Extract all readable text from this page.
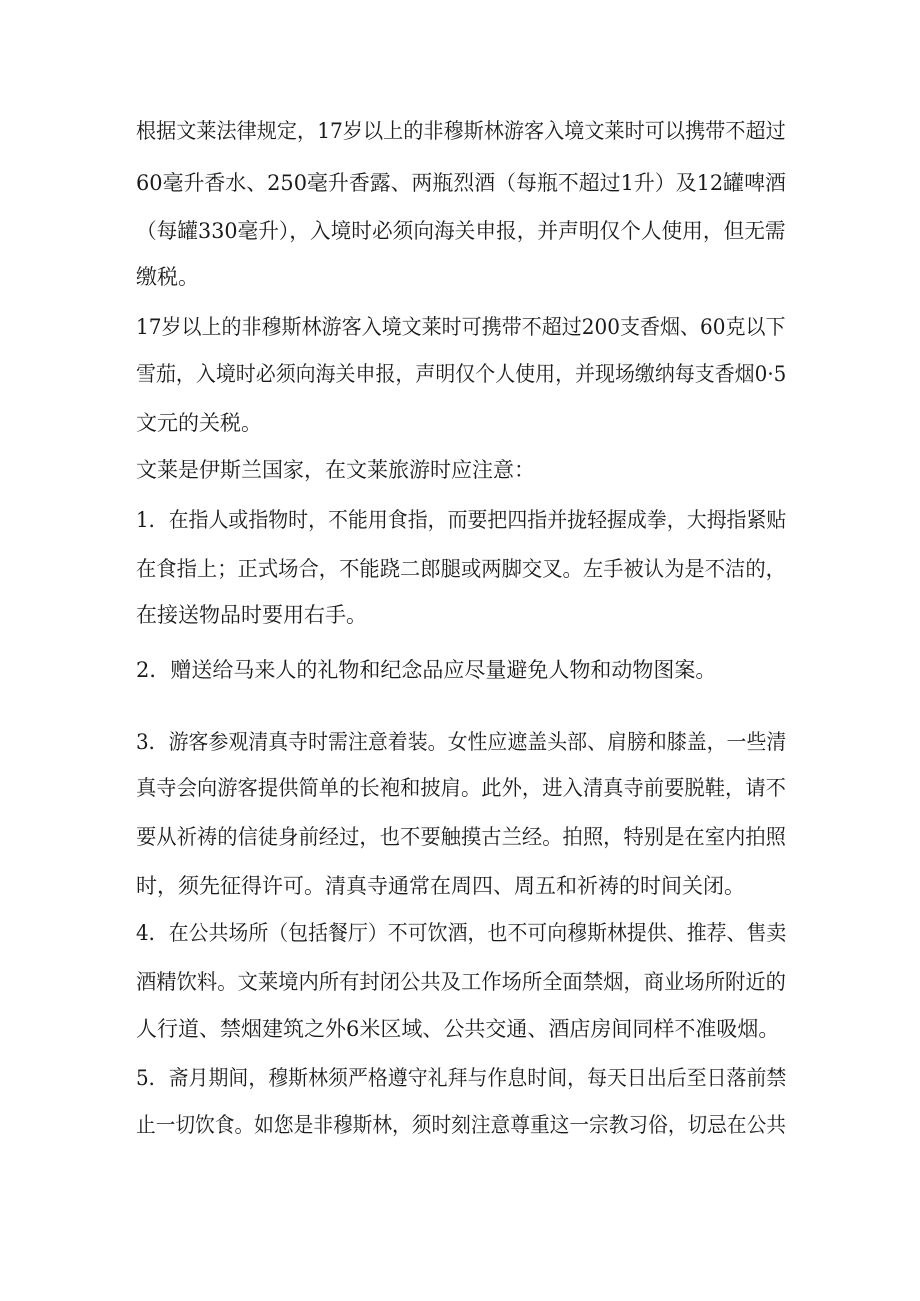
根据文莱法律规定，17岁以上的非穆斯林游客入境文莱时可以携带不超过
60毫升香水、250毫升香露、两瓶烈酒（每瓶不超过1升）及12罐啤酒
（每罐330毫升），入境时必须向海关申报，并声明仅个人使用，但无需
缴税。
17岁以上的非穆斯林游客入境文莱时可携带不超过200支香烟、60克以下
雪茄，入境时必须向海关申报，声明仅个人使用，并现场缴纳每支香烟0·5
文元的关税。
文莱是伊斯兰国家，在文莱旅游时应注意：
1．在指人或指物时，不能用食指，而要把四指并拢轻握成拳，大拇指紧贴
在食指上；正式场合，不能跷二郎腿或两脚交叉。左手被认为是不洁的，
在接送物品时要用右手。
2．赠送给马来人的礼物和纪念品应尽量避免人物和动物图案。
3．游客参观清真寺时需注意着装。女性应遮盖头部、肩膀和膝盖，一些清
真寺会向游客提供简单的长袍和披肩。此外，进入清真寺前要脱鞋，请不
要从祈祷的信徒身前经过，也不要触摸古兰经。拍照，特别是在室内拍照
时，须先征得许可。清真寺通常在周四、周五和祈祷的时间关闭。
4．在公共场所（包括餐厅）不可饮酒，也不可向穆斯林提供、推荐、售卖
酒精饮料。文莱境内所有封闭公共及工作场所全面禁烟，商业场所附近的
人行道、禁烟建筑之外6米区域、公共交通、酒店房间同样不准吸烟。
5．斋月期间，穆斯林须严格遵守礼拜与作息时间，每天日出后至日落前禁
止一切饮食。如您是非穆斯林，须时刻注意尊重这一宗教习俗，切忌在公共
